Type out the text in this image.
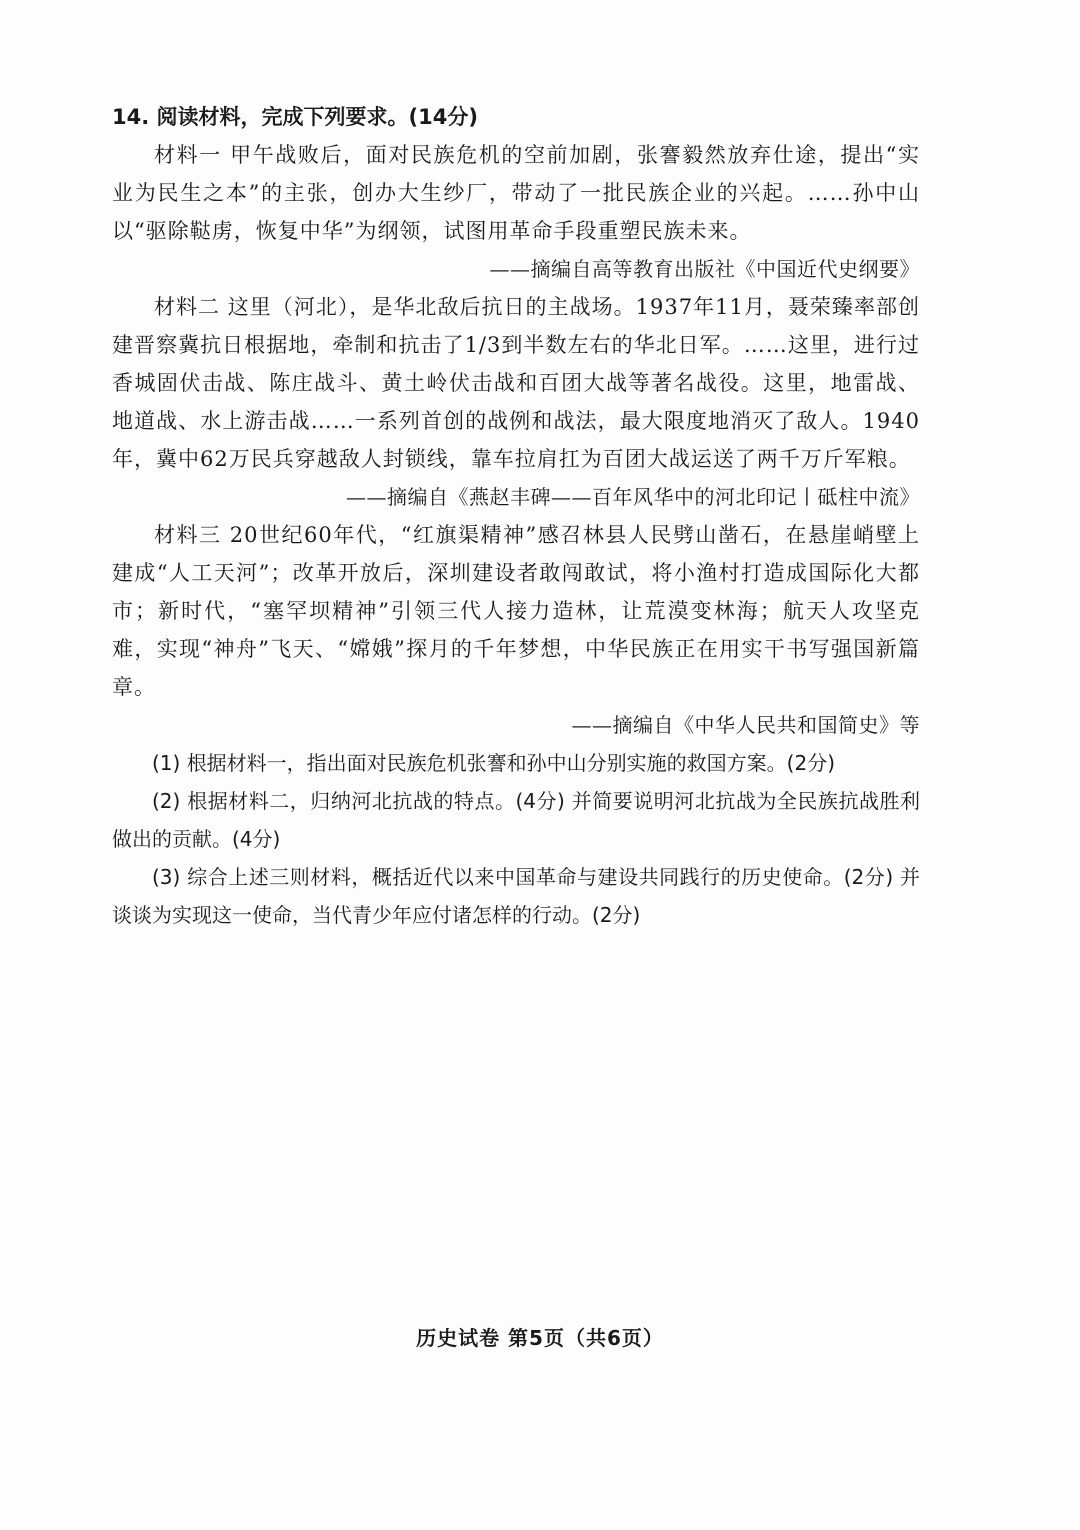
14. 阅读材料，完成下列要求。(14分)

材料一 甲午战败后，面对民族危机的空前加剧，张謇毅然放弃仕途，提出“实业为民生之本”的主张，创办大生纱厂，带动了一批民族企业的兴起。……孙中山以“驱除鞑虏，恢复中华”为纲领，试图用革命手段重塑民族未来。

——摘编自高等教育出版社《中国近代史纲要》

材料二 这里（河北），是华北敌后抗日的主战场。1937年11月，聂荣臻率部创建晋察冀抗日根据地，牵制和抗击了1/3到半数左右的华北日军。……这里，进行过香城固伏击战、陈庄战斗、黄土岭伏击战和百团大战等著名战役。这里，地雷战、地道战、水上游击战……一系列首创的战例和战法，最大限度地消灭了敌人。1940年，冀中62万民兵穿越敌人封锁线，靠车拉肩扛为百团大战运送了两千万斤军粮。

——摘编自《燕赵丰碑——百年风华中的河北印记丨砥柱中流》

材料三 20世纪60年代，“红旗渠精神”感召林县人民劈山凿石，在悬崖峭壁上建成“人工天河”；改革开放后，深圳建设者敢闯敢试，将小渔村打造成国际化大都市；新时代，“塞罕坝精神”引领三代人接力造林，让荒漠变林海；航天人攻坚克难，实现“神舟”飞天、“嫦娥”探月的千年梦想，中华民族正在用实干书写强国新篇章。

——摘编自《中华人民共和国简史》等

(1) 根据材料一，指出面对民族危机张謇和孙中山分别实施的救国方案。(2分)

(2) 根据材料二，归纳河北抗战的特点。(4分) 并简要说明河北抗战为全民族抗战胜利做出的贡献。(4分)

(3) 综合上述三则材料，概括近代以来中国革命与建设共同践行的历史使命。(2分) 并谈谈为实现这一使命，当代青少年应付诸怎样的行动。(2分)

历史试卷 第5页（共6页）
